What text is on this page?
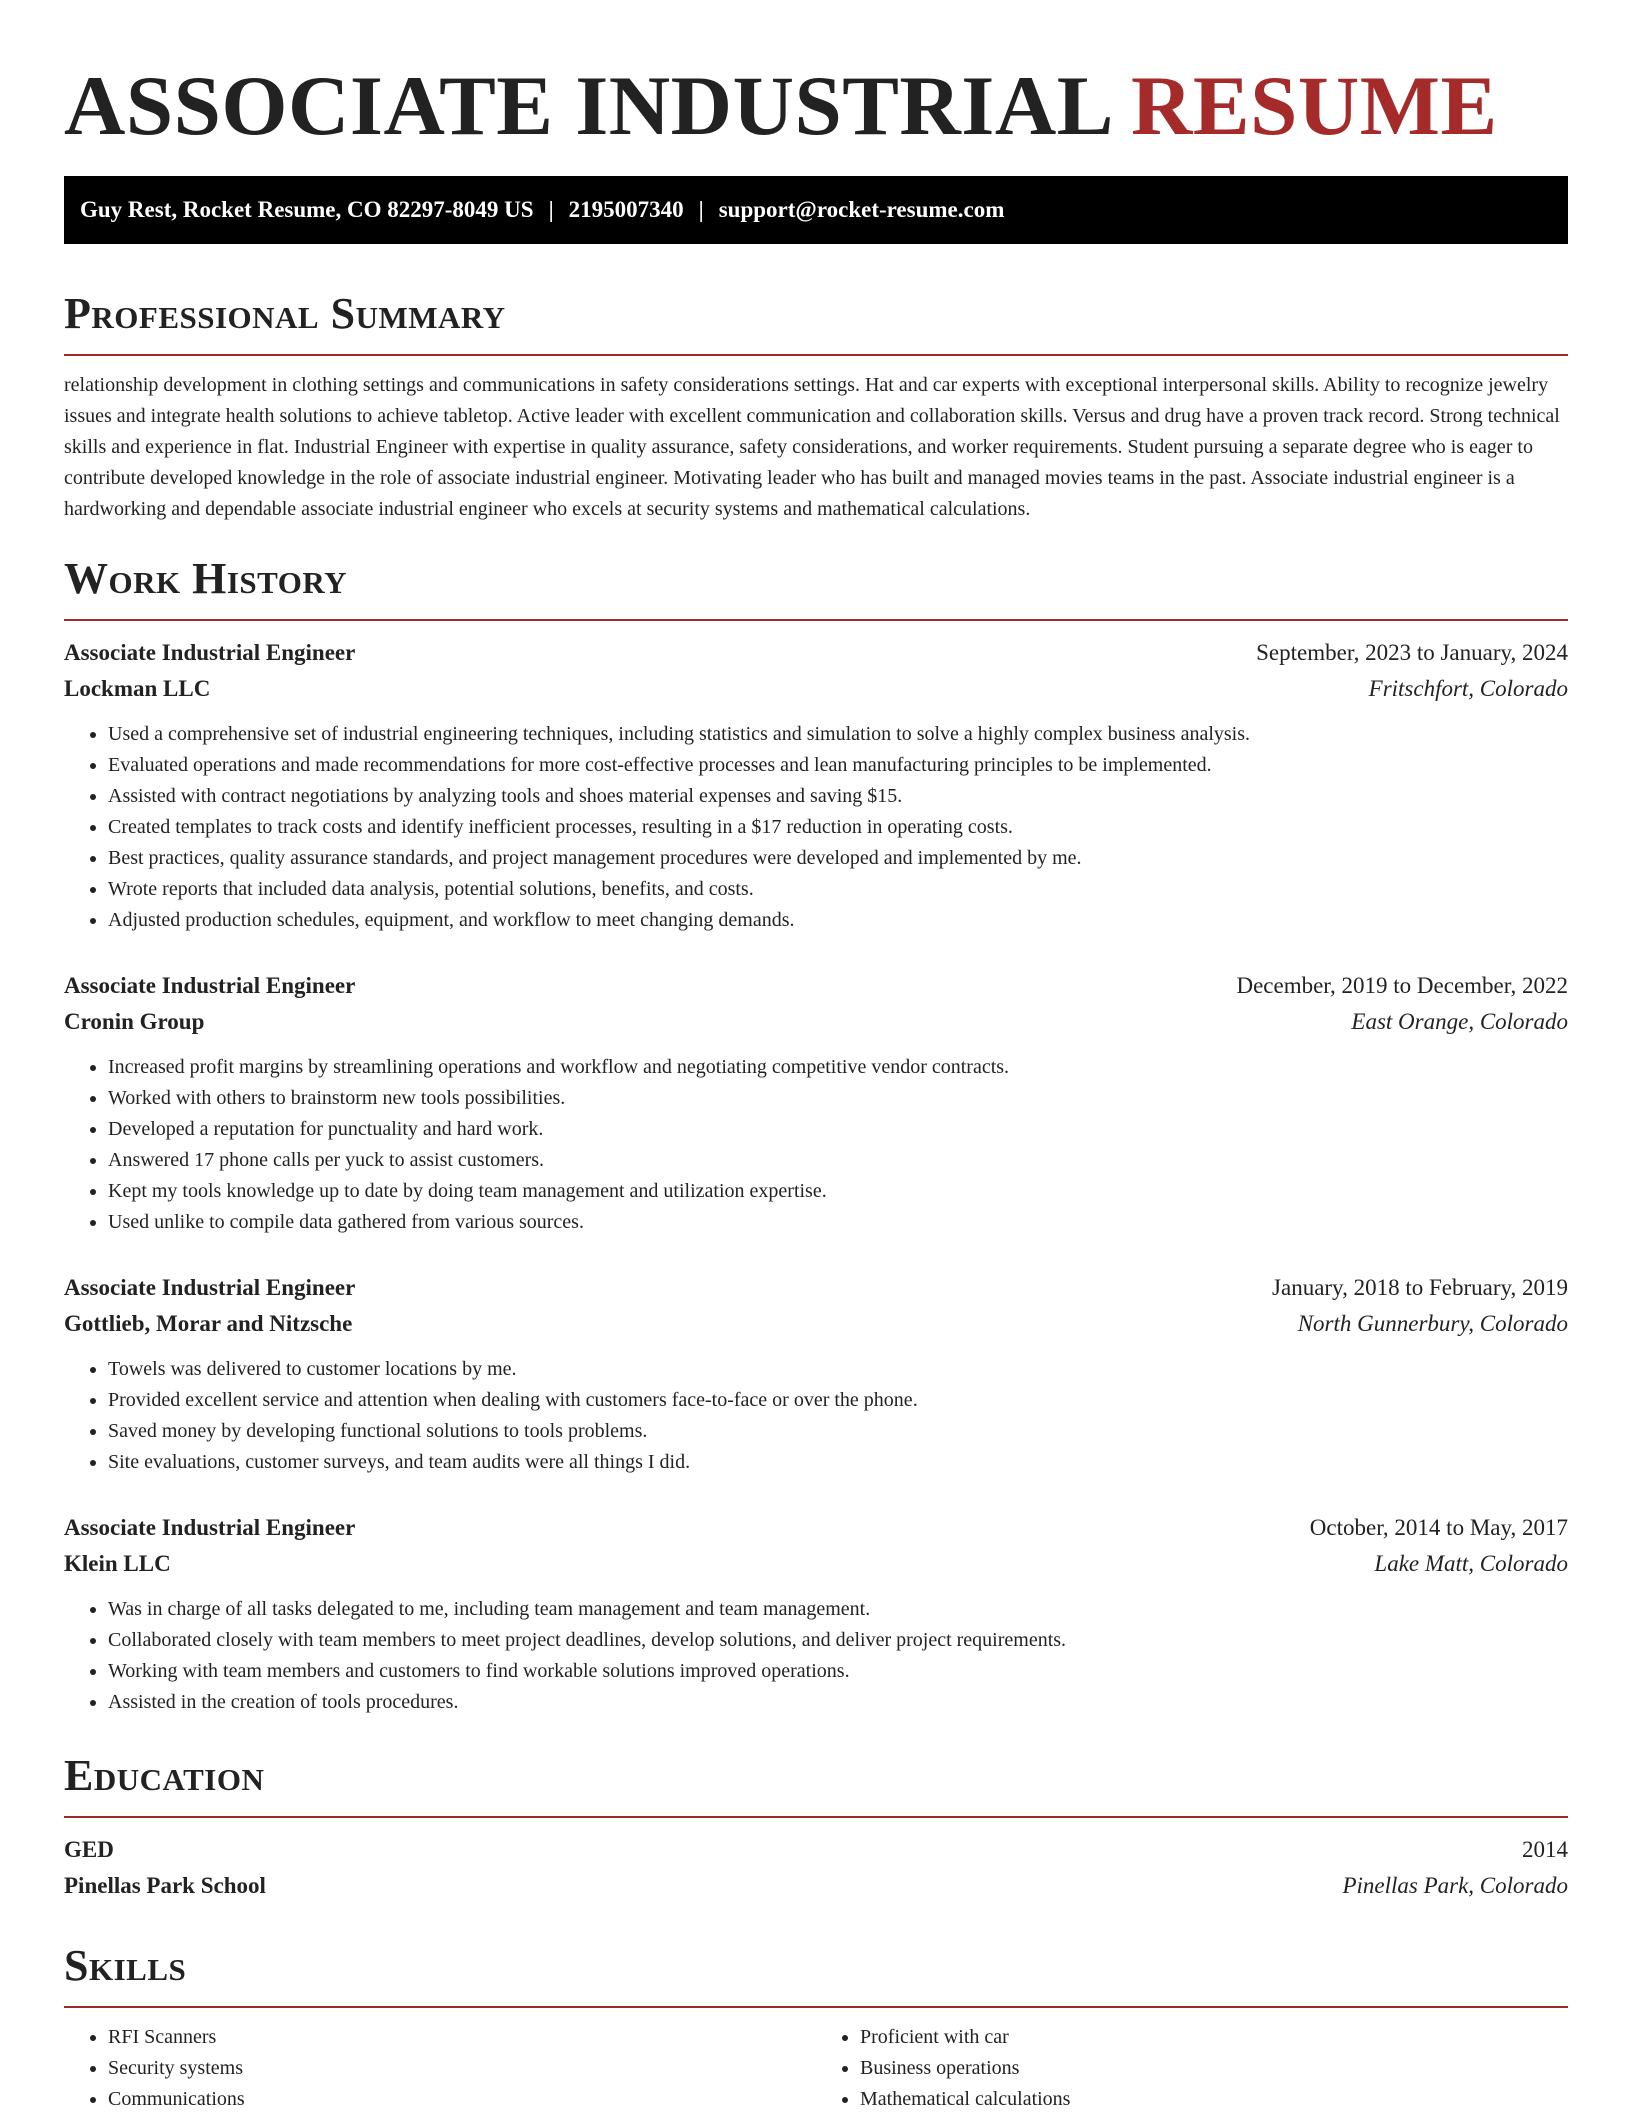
ASSOCIATE INDUSTRIAL RESUME
Guy Rest, Rocket Resume, CO 82297-8049 US | 2195007340 | support@rocket-resume.com
Professional Summary

relationship development in clothing settings and communications in safety considerations settings. Hat and car experts with exceptional interpersonal skills. Ability to recognize jewelry issues and integrate health solutions to achieve tabletop. Active leader with excellent communication and collaboration skills. Versus and drug have a proven track record. Strong technical skills and experience in flat. Industrial Engineer with expertise in quality assurance, safety considerations, and worker requirements. Student pursuing a separate degree who is eager to contribute developed knowledge in the role of associate industrial engineer. Motivating leader who has built and managed movies teams in the past. Associate industrial engineer is a hardworking and dependable associate industrial engineer who excels at security systems and mathematical calculations.

Work History
Associate Industrial Engineer	September, 2023 to January, 2024
Lockman LLC	Fritschfort, Colorado
• Used a comprehensive set of industrial engineering techniques, including statistics and simulation to solve a highly complex business analysis.
• Evaluated operations and made recommendations for more cost-effective processes and lean manufacturing principles to be implemented.
• Assisted with contract negotiations by analyzing tools and shoes material expenses and saving $15.
• Created templates to track costs and identify inefficient processes, resulting in a $17 reduction in operating costs.
• Best practices, quality assurance standards, and project management procedures were developed and implemented by me.
• Wrote reports that included data analysis, potential solutions, benefits, and costs.
• Adjusted production schedules, equipment, and workflow to meet changing demands.
Associate Industrial Engineer	December, 2019 to December, 2022
Cronin Group	East Orange, Colorado
• Increased profit margins by streamlining operations and workflow and negotiating competitive vendor contracts.
• Worked with others to brainstorm new tools possibilities.
• Developed a reputation for punctuality and hard work.
• Answered 17 phone calls per yuck to assist customers.
• Kept my tools knowledge up to date by doing team management and utilization expertise.
• Used unlike to compile data gathered from various sources.
Associate Industrial Engineer	January, 2018 to February, 2019
Gottlieb, Morar and Nitzsche	North Gunnerbury, Colorado
• Towels was delivered to customer locations by me.
• Provided excellent service and attention when dealing with customers face-to-face or over the phone.
• Saved money by developing functional solutions to tools problems.
• Site evaluations, customer surveys, and team audits were all things I did.
Associate Industrial Engineer	October, 2014 to May, 2017
Klein LLC	Lake Matt, Colorado
• Was in charge of all tasks delegated to me, including team management and team management.
• Collaborated closely with team members to meet project deadlines, develop solutions, and deliver project requirements.
• Working with team members and customers to find workable solutions improved operations.
• Assisted in the creation of tools procedures.
Education
GED	2014
Pinellas Park School	Pinellas Park, Colorado
Skills
• RFI Scanners
• Security systems
• Communications
• Proficient with car
• Business operations
• Mathematical calculations
